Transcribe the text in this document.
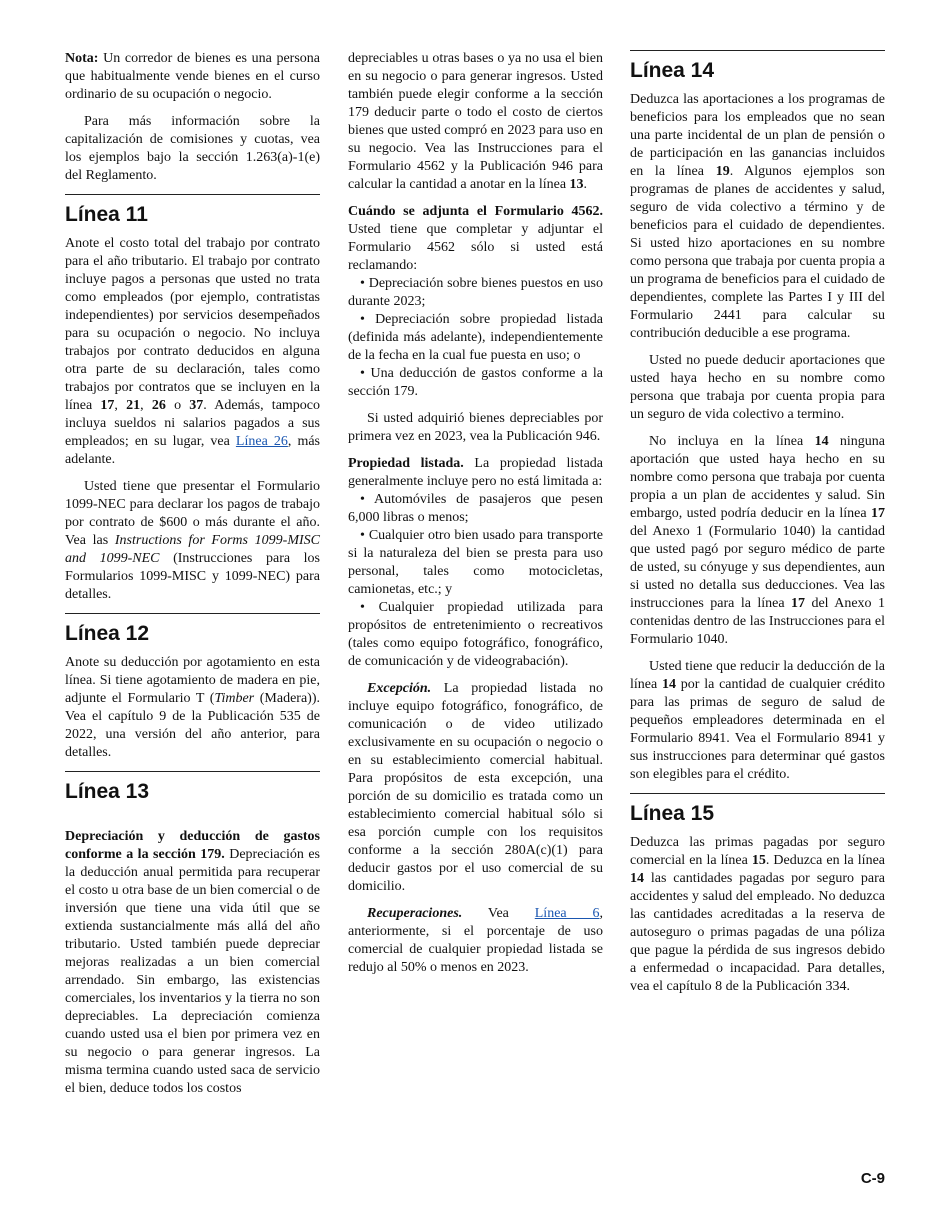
Nota: Un corredor de bienes es una persona que habitualmente vende bienes en el curso ordinario de su ocupación o negocio.

Para más información sobre la capitalización de comisiones y cuotas, vea los ejemplos bajo la sección 1.263(a)-1(e) del Reglamento.

Línea 11

Anote el costo total del trabajo por contrato para el año tributario. El trabajo por contrato incluye pagos a personas que usted no trata como empleados (por ejemplo, contratistas independientes) por servicios desempeñados para su ocupación o negocio. No incluya trabajos por contrato deducidos en alguna otra parte de su declaración, tales como trabajos por contratos que se incluyen en la línea 17, 21, 26 o 37. Además, tampoco incluya sueldos ni salarios pagados a sus empleados; en su lugar, vea Línea 26, más adelante.

Usted tiene que presentar el Formulario 1099-NEC para declarar los pagos de trabajo por contrato de $600 o más durante el año. Vea las Instructions for Forms 1099-MISC and 1099-NEC (Instrucciones para los Formularios 1099-MISC y 1099-NEC) para detalles.

Línea 12

Anote su deducción por agotamiento en esta línea. Si tiene agotamiento de madera en pie, adjunte el Formulario T (Timber (Madera)). Vea el capítulo 9 de la Publicación 535 de 2022, una versión del año anterior, para detalles.

Línea 13

Depreciación y deducción de gastos conforme a la sección 179. Depreciación es la deducción anual permitida para recuperar el costo u otra base de un bien comercial o de inversión que tiene una vida útil que se extienda sustancialmente más allá del año tributario. Usted también puede depreciar mejoras realizadas a un bien comercial arrendado. Sin embargo, las existencias comerciales, los inventarios y la tierra no son depreciables. La depreciación comienza cuando usted usa el bien por primera vez en su negocio o para generar ingresos. La misma termina cuando usted saca de servicio el bien, deduce todos los costos

depreciables u otras bases o ya no usa el bien en su negocio o para generar ingresos. Usted también puede elegir conforme a la sección 179 deducir parte o todo el costo de ciertos bienes que usted compró en 2023 para uso en su negocio. Vea las Instrucciones para el Formulario 4562 y la Publicación 946 para calcular la cantidad a anotar en la línea 13.

Cuándo se adjunta el Formulario 4562. Usted tiene que completar y adjuntar el Formulario 4562 sólo si usted está reclamando:

• Depreciación sobre bienes puestos en uso durante 2023;

• Depreciación sobre propiedad listada (definida más adelante), independientemente de la fecha en la cual fue puesta en uso; o

• Una deducción de gastos conforme a la sección 179.

Si usted adquirió bienes depreciables por primera vez en 2023, vea la Publicación 946.

Propiedad listada. La propiedad listada generalmente incluye pero no está limitada a:

• Automóviles de pasajeros que pesen 6,000 libras o menos;

• Cualquier otro bien usado para transporte si la naturaleza del bien se presta para uso personal, tales como motocicletas, camionetas, etc.; y

• Cualquier propiedad utilizada para propósitos de entretenimiento o recreativos (tales como equipo fotográfico, fonográfico, de comunicación y de videograbación).

Excepción. La propiedad listada no incluye equipo fotográfico, fonográfico, de comunicación o de video utilizado exclusivamente en su ocupación o negocio o en su establecimiento comercial habitual. Para propósitos de esta excepción, una porción de su domicilio es tratada como un establecimiento comercial habitual sólo si esa porción cumple con los requisitos conforme a la sección 280A(c)(1) para deducir gastos por el uso comercial de su domicilio.

Recuperaciones. Vea Línea 6, anteriormente, si el porcentaje de uso comercial de cualquier propiedad listada se redujo al 50% o menos en 2023.

Línea 14

Deduzca las aportaciones a los programas de beneficios para los empleados que no sean una parte incidental de un plan de pensión o de participación en las ganancias incluidos en la línea 19. Algunos ejemplos son programas de planes de accidentes y salud, seguro de vida colectivo a término y de beneficios para el cuidado de dependientes. Si usted hizo aportaciones en su nombre como persona que trabaja por cuenta propia a un programa de beneficios para el cuidado de dependientes, complete las Partes I y III del Formulario 2441 para calcular su contribución deducible a ese programa.

Usted no puede deducir aportaciones que usted haya hecho en su nombre como persona que trabaja por cuenta propia para un seguro de vida colectivo a termino.

No incluya en la línea 14 ninguna aportación que usted haya hecho en su nombre como persona que trabaja por cuenta propia a un plan de accidentes y salud. Sin embargo, usted podría deducir en la línea 17 del Anexo 1 (Formulario 1040) la cantidad que usted pagó por seguro médico de parte de usted, su cónyuge y sus dependientes, aun si usted no detalla sus deducciones. Vea las instrucciones para la línea 17 del Anexo 1 contenidas dentro de las Instrucciones para el Formulario 1040.

Usted tiene que reducir la deducción de la línea 14 por la cantidad de cualquier crédito para las primas de seguro de salud de pequeños empleadores determinada en el Formulario 8941. Vea el Formulario 8941 y sus instrucciones para determinar qué gastos son elegibles para el crédito.

Línea 15

Deduzca las primas pagadas por seguro comercial en la línea 15. Deduzca en la línea 14 las cantidades pagadas por seguro para accidentes y salud del empleado. No deduzca las cantidades acreditadas a la reserva de autoseguro o primas pagadas de una póliza que pague la pérdida de sus ingresos debido a enfermedad o incapacidad. Para detalles, vea el capítulo 8 de la Publicación 334.

C-9
